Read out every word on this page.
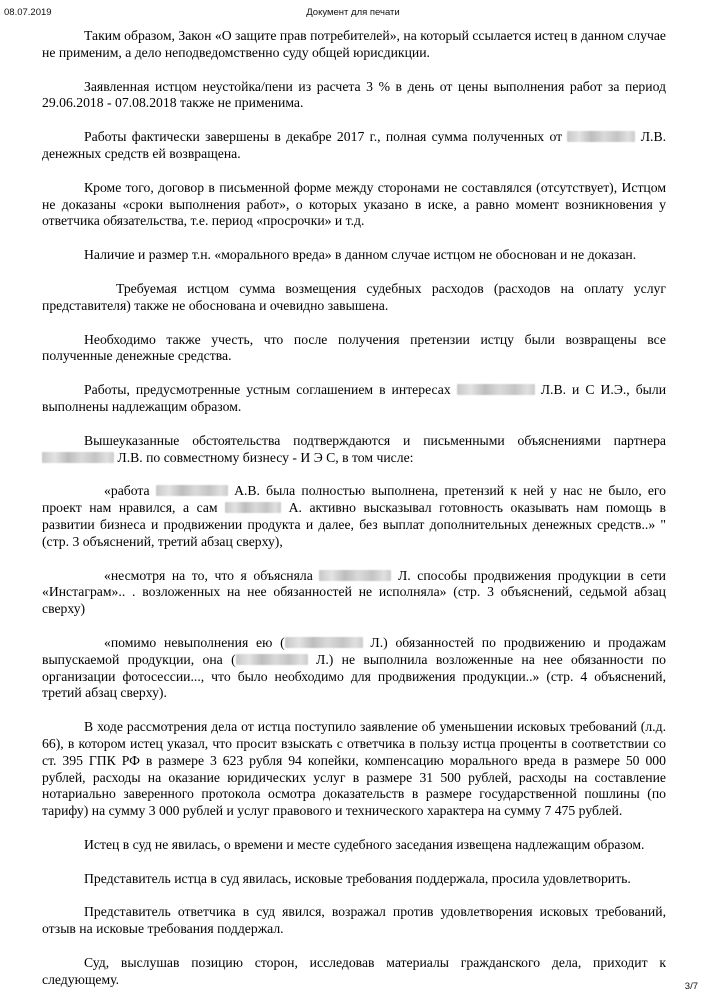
08.07.2019	Документ для печати

Таким образом, Закон «О защите прав потребителей», на который ссылается истец в данном случае не применим, а дело неподведомственно суду общей юрисдикции.

Заявленная истцом неустойка/пени из расчета 3 % в день от цены выполнения работ за период 29.06.2018 - 07.08.2018 также не применима.

Работы фактически завершены в декабре 2017 г., полная сумма полученных от	Л.В. денежных средств ей возвращена.

Кроме того, договор в письменной форме между сторонами не составлялся (отсутствует), Истцом не доказаны «сроки выполнения работ», о которых указано в иске, а равно момент возникновения у ответчика обязательства, т.е. период «просрочки» и т.д.

Наличие и размер т.н. «морального вреда» в данном случае истцом не обоснован и не доказан.

Требуемая истцом сумма возмещения судебных расходов (расходов на оплату услуг представителя) также не обоснована и очевидно завышена.

Необходимо также учесть, что после получения претензии истцу были возвращены все полученные денежные средства.

Работы, предусмотренные устным соглашением в интересах	Л.В. и С И.Э., были выполнены надлежащим образом.

Вышеуказанные обстоятельства подтверждаются и письменными объяснениями партнера  Л.В. по совместному бизнесу - И Э С, в том числе:

«работа	А.В. была полностью выполнена, претензий к ней у нас не было, его проект нам нравился, а сам	А. активно высказывал готовность оказывать нам помощь в развитии бизнеса и продвижении продукта и далее, без выплат дополнительных денежных средств..» " (стр. 3 объяснений, третий абзац сверху),

«несмотря на то, что я объясняла	Л. способы продвижения продукции в сети «Инстаграм».. . возложенных на нее обязанностей не исполняла» (стр. 3 объяснений, седьмой абзац сверху)

«помимо невыполнения ею (	Л.) обязанностей по продвижению и продажам выпускаемой продукции, она (	Л.) не выполнила возложенные на нее обязанности по организации фотосессии..., что было необходимо для продвижения продукции..» (стр. 4 объяснений, третий абзац сверху).

В ходе рассмотрения дела от истца поступило заявление об уменьшении исковых требований (л.д. 66), в котором истец указал, что просит взыскать с ответчика в пользу истца проценты в соответствии со ст. 395 ГПК РФ в размере 3 623 рубля 94 копейки, компенсацию морального вреда в размере 50 000 рублей, расходы на оказание юридических услуг в размере 31 500 рублей, расходы на составление нотариально заверенного протокола осмотра доказательств в размере государственной пошлины (по тарифу) на сумму 3 000 рублей и услуг правового и технического характера на сумму 7 475 рублей.

Истец в суд не явилась, о времени и месте судебного заседания извещена надлежащим образом.

Представитель истца в суд явилась, исковые требования поддержала, просила удовлетворить.

Представитель ответчика в суд явился, возражал против удовлетворения исковых требований, отзыв на исковые требования поддержал.

Суд, выслушав позицию сторон, исследовав материалы гражданского дела, приходит к следующему.	3/7
